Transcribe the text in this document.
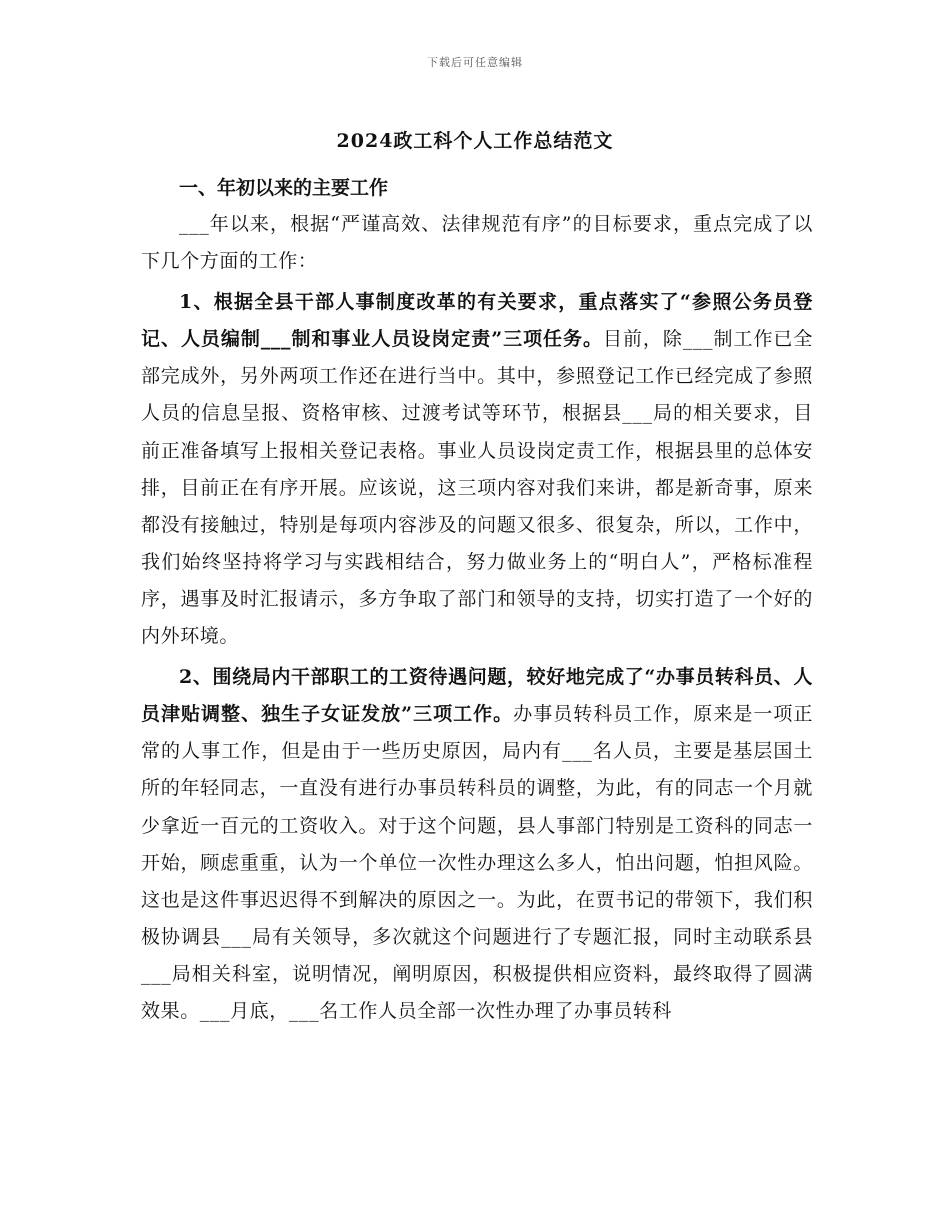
下载后可任意编辑
2024政工科个人工作总结范文

一、年初以来的主要工作

___年以来，根据“严谨高效、法律规范有序”的目标要求，重点完成了以下几个方面的工作：

1、根据全县干部人事制度改革的有关要求，重点落实了“参照公务员登记、人员编制___制和事业人员设岗定责”三项任务。目前，除___制工作已全部完成外，另外两项工作还在进行当中。其中，参照登记工作已经完成了参照人员的信息呈报、资格审核、过渡考试等环节，根据县___局的相关要求，目前正准备填写上报相关登记表格。事业人员设岗定责工作，根据县里的总体安排，目前正在有序开展。应该说，这三项内容对我们来讲，都是新奇事，原来都没有接触过，特别是每项内容涉及的问题又很多、很复杂，所以，工作中，我们始终坚持将学习与实践相结合，努力做业务上的“明白人”，严格标准程序，遇事及时汇报请示，多方争取了部门和领导的支持，切实打造了一个好的内外环境。

2、围绕局内干部职工的工资待遇问题，较好地完成了“办事员转科员、人员津贴调整、独生子女证发放”三项工作。办事员转科员工作，原来是一项正常的人事工作，但是由于一些历史原因，局内有___名人员，主要是基层国土所的年轻同志，一直没有进行办事员转科员的调整，为此，有的同志一个月就少拿近一百元的工资收入。对于这个问题，县人事部门特别是工资科的同志一开始，顾虑重重，认为一个单位一次性办理这么多人，怕出问题，怕担风险。这也是这件事迟迟得不到解决的原因之一。为此，在贾书记的带领下，我们积极协调县___局有关领导，多次就这个问题进行了专题汇报，同时主动联系县___局相关科室，说明情况，阐明原因，积极提供相应资料，最终取得了圆满效果。___月底，___名工作人员全部一次性办理了办事员转科
